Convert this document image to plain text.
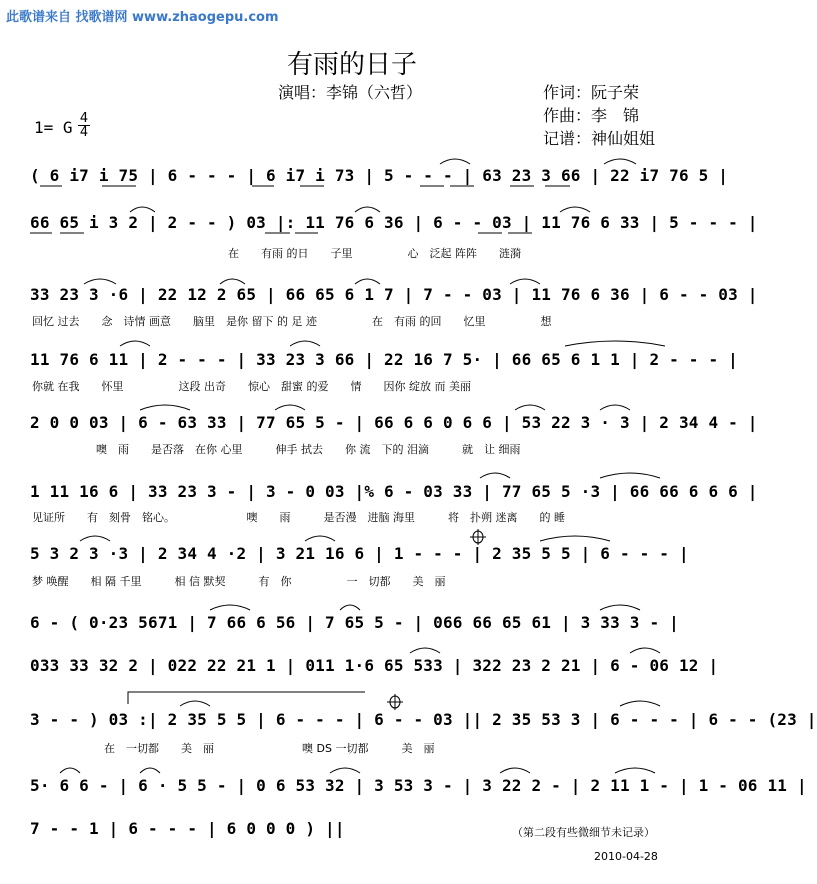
此歌谱来自 找歌谱网 www.zhaogepu.com
有雨的日子
演唱：李锦（六哲）	作词：阮子荣
作曲：李　锦
记谱：神仙姐姐
1= G 4
4
( 6 i7 i 75 | 6 - - - | 6 i7 i 73 | 5 - - - | 63 23 3 66 | 22 i7 76 5 |
66 65 i 3 2 | 2 - - ) 03 |: 11 76 6 36 | 6 - - 03 | 11 76 6 33 | 5 - - - |
在　　有雨 的日　　子里　　　　　心　泛起 阵阵　　涟漪
33 23 3 ·6 | 22 12 2 65 | 66 65 6 1 7 | 7 - - 03 | 11 76 6 36 | 6 - - 03 |
回忆 过去　　念　诗情 画意　　脑里　是你 留下 的 足 迹　　　　　在　有雨 的回　　忆里　　　　　想
11 76 6 11 | 2 - - - | 33 23 3 66 | 22 16 7 5· | 66 65 6 1 1 | 2 - - - |
你就 在我　　怀里　　　　　这段 出奇　　惊心　甜蜜 的爱　　情　　因你 绽放 而 美丽
2 0 0 03 | 6 - 63 33 | 77 65 5 - | 66 6 6 0 6 6 | 53 22 3 · 3 | 2 34 4 - |
噢　雨　　是否落　在你 心里　　　伸手 拭去　　你 流　下的 泪滴　　　就　让 细雨
1 11 16 6 | 33 23 3 - | 3 - 0 03 |% 6 - 03 33 | 77 65 5 ·3 | 66 66 6 6 6 |
见证所　　有　刻骨　铭心。　　　　　　　噢　　雨　　　是否漫　进脑 海里　　　将　扑朔 迷离　　的 睡
5 3 2 3 ·3 | 2 34 4 ·2 | 3 21 16 6 | 1 - - - | 2 35 5 5 | 6 - - - |
梦 唤醒　　相 隔 千里　　　相 信 默契　　　有　你　　　　　一　切都　　美　丽
6 - ( 0·23 5671 | 7 66 6 56 | 7 65 5 - | 066 66 65 61 | 3 33 3 - |
033 33 32 2 | 022 22 21 1 | 011 1·6 65 533 | 322 23 2 21 | 6 - 06 12 |
3 - - ) 03 :| 2 35 5 5 | 6 - - - | 6 - - 03 || 2 35 53 3 | 6 - - - | 6 - - (23 |
在　一切都　　美　丽　　　　　　　　噢 DS 一切都　　　美　丽
5· 6 6 - | 6 · 5 5 - | 0 6 53 32 | 3 53 3 - | 3 22 2 - | 2 11 1 - | 1 - 06 11 |
7 - - 1 | 6 - - - | 6 0 0 0 ) ||	（第二段有些微细节未记录）
2010-04-28
